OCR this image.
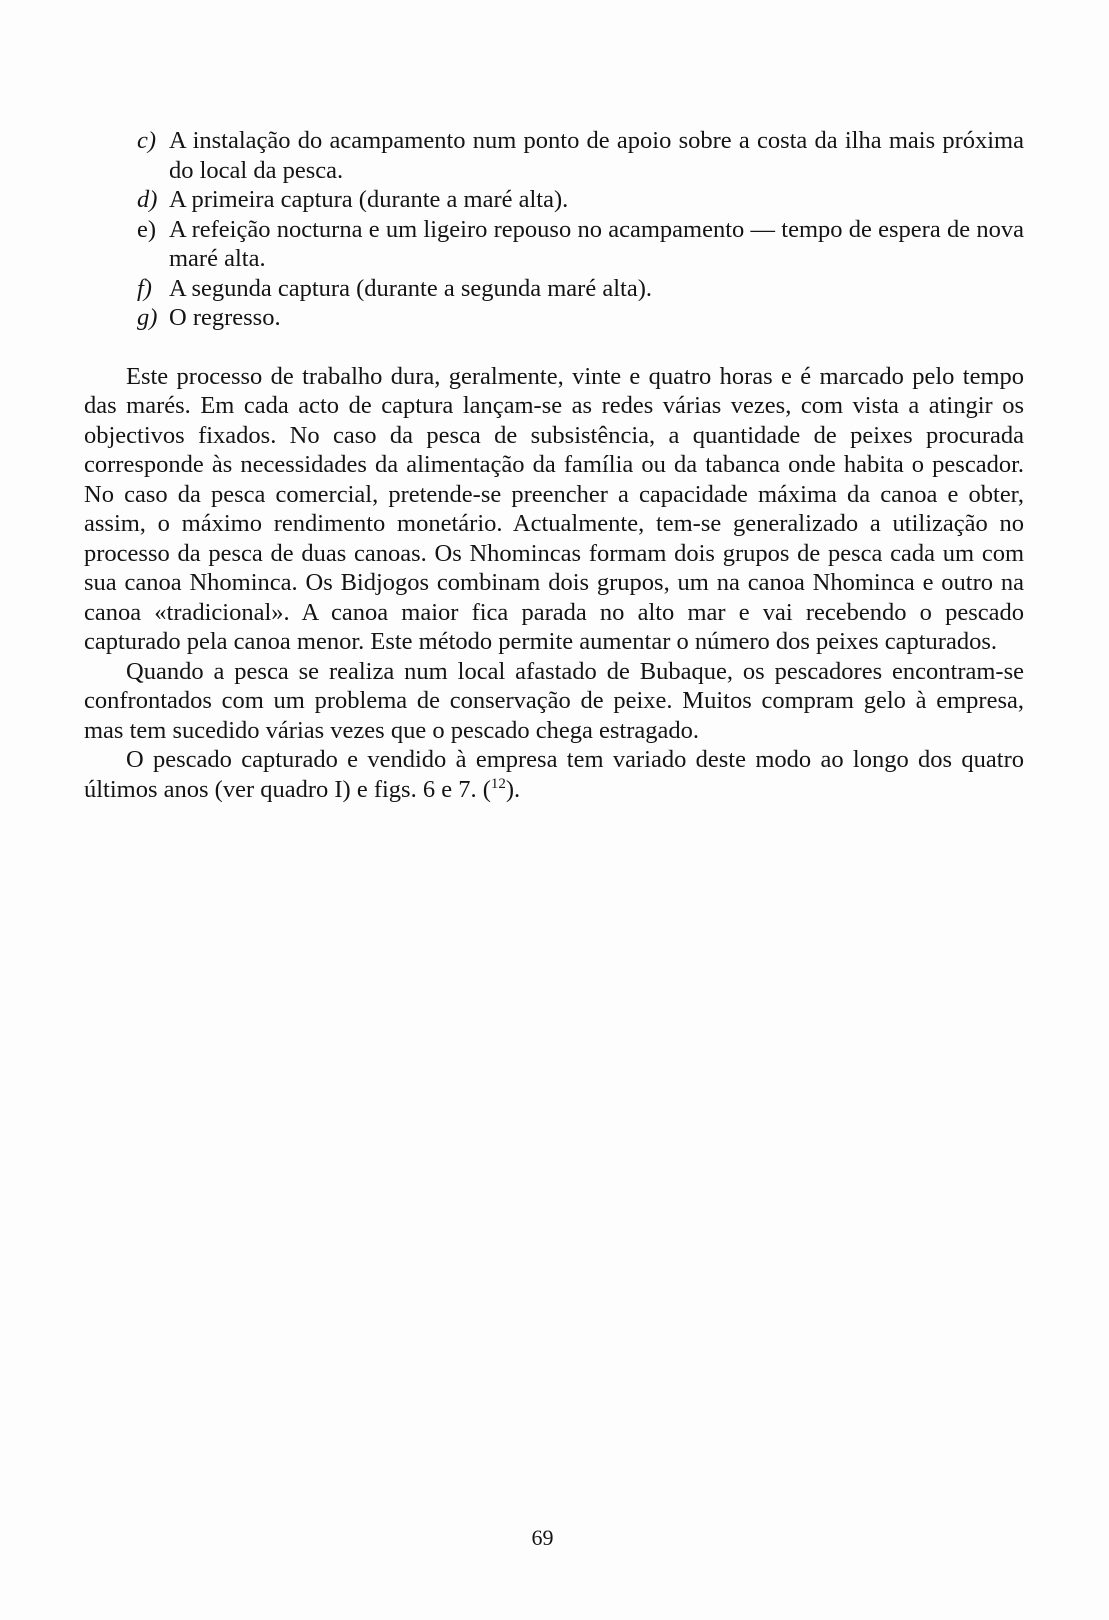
c) A instalação do acampamento num ponto de apoio sobre a costa da ilha mais próxima do local da pesca.
d) A primeira captura (durante a maré alta).
e) A refeição nocturna e um ligeiro repouso no acampamento — tempo de espera de nova maré alta.
f) A segunda captura (durante a segunda maré alta).
g) O regresso.

Este processo de trabalho dura, geralmente, vinte e quatro horas e é marcado pelo tempo das marés. Em cada acto de captura lançam-se as redes várias vezes, com vista a atingir os objectivos fixados. No caso da pesca de subsistência, a quantidade de peixes procurada corresponde às necessidades da alimentação da família ou da tabanca onde habita o pescador. No caso da pesca comercial, pretende-se preencher a capacidade máxima da canoa e obter, assim, o máximo rendimento monetário. Actualmente, tem-se generalizado a utilização no processo da pesca de duas canoas. Os Nhomincas formam dois grupos de pesca cada um com sua canoa Nhominca. Os Bidjogos combinam dois grupos, um na canoa Nhominca e outro na canoa «tradicional». A canoa maior fica parada no alto mar e vai recebendo o pescado capturado pela canoa menor. Este método permite aumentar o número dos peixes capturados.

Quando a pesca se realiza num local afastado de Bubaque, os pescadores encontram-se confrontados com um problema de conservação de peixe. Muitos compram gelo à empresa, mas tem sucedido várias vezes que o pescado chega estragado.

O pescado capturado e vendido à empresa tem variado deste modo ao longo dos quatro últimos anos (ver quadro I) e figs. 6 e 7. ($^{12}$).

69
